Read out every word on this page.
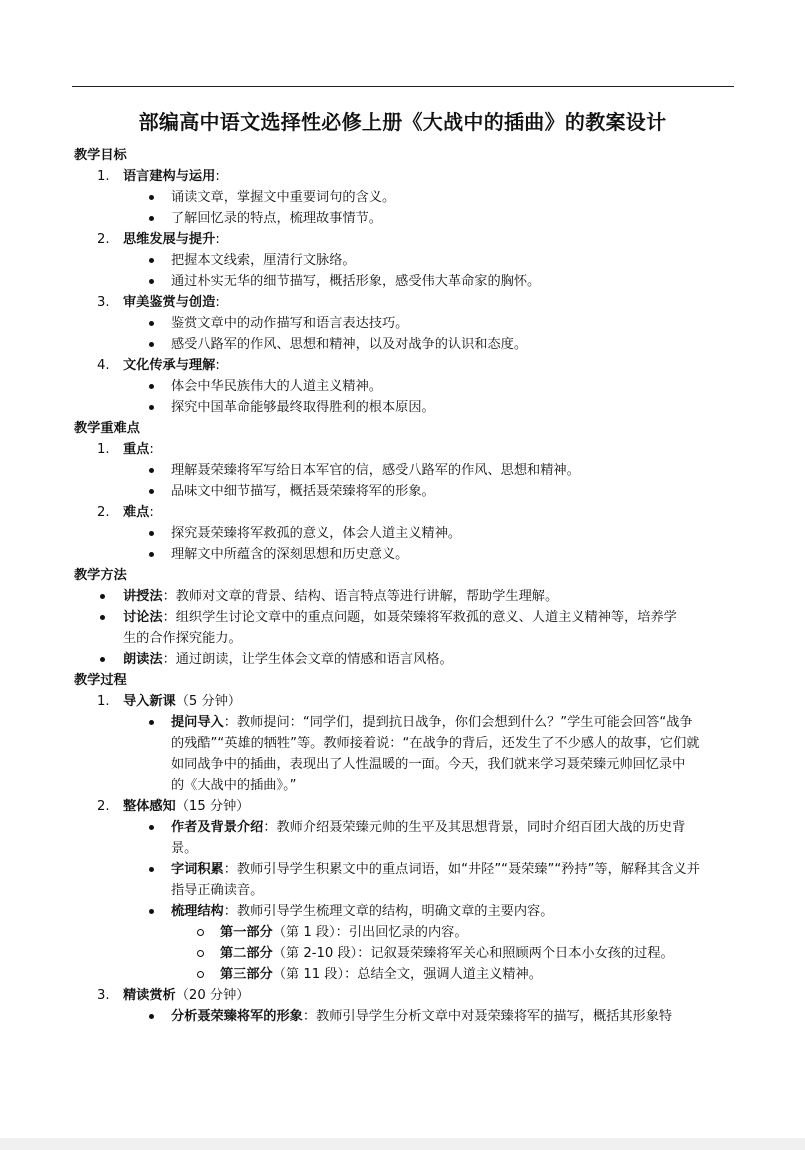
部编高中语文选择性必修上册《大战中的插曲》的教案设计
教学目标
1. 语言建构与运用:
诵读文章，掌握文中重要词句的含义。
了解回忆录的特点，梳理故事情节。
2. 思维发展与提升:
把握本文线索，厘清行文脉络。
通过朴实无华的细节描写，概括形象，感受伟大革命家的胸怀。
3. 审美鉴赏与创造:
鉴赏文章中的动作描写和语言表达技巧。
感受八路军的作风、思想和精神，以及对战争的认识和态度。
4. 文化传承与理解:
体会中华民族伟大的人道主义精神。
探究中国革命能够最终取得胜利的根本原因。
教学重难点
1. 重点:
理解聂荣臻将军写给日本军官的信，感受八路军的作风、思想和精神。
品味文中细节描写，概括聂荣臻将军的形象。
2. 难点:
探究聂荣臻将军救孤的意义，体会人道主义精神。
理解文中所蕴含的深刻思想和历史意义。
教学方法
讲授法：教师对文章的背景、结构、语言特点等进行讲解，帮助学生理解。
讨论法：组织学生讨论文章中的重点问题，如聂荣臻将军救孤的意义、人道主义精神等，培养学
生的合作探究能力。
朗读法：通过朗读，让学生体会文章的情感和语言风格。
教学过程
1. 导入新课（5 分钟）
提问导入：教师提问：“同学们，提到抗日战争，你们会想到什么？”学生可能会回答“战争
的残酷”“英雄的牺牲”等。教师接着说：“在战争的背后，还发生了不少感人的故事，它们就
如同战争中的插曲，表现出了人性温暖的一面。今天，我们就来学习聂荣臻元帅回忆录中
的《大战中的插曲》。”
2. 整体感知（15 分钟）
作者及背景介绍：教师介绍聂荣臻元帅的生平及其思想背景，同时介绍百团大战的历史背
景。
字词积累：教师引导学生积累文中的重点词语，如“井陉”“聂荣臻”“矜持”等，解释其含义并
指导正确读音。
梳理结构：教师引导学生梳理文章的结构，明确文章的主要内容。
第一部分（第 1 段）：引出回忆录的内容。
第二部分（第 2-10 段）：记叙聂荣臻将军关心和照顾两个日本小女孩的过程。
第三部分（第 11 段）：总结全文，强调人道主义精神。
3. 精读赏析（20 分钟）
分析聂荣臻将军的形象：教师引导学生分析文章中对聂荣臻将军的描写，概括其形象特
